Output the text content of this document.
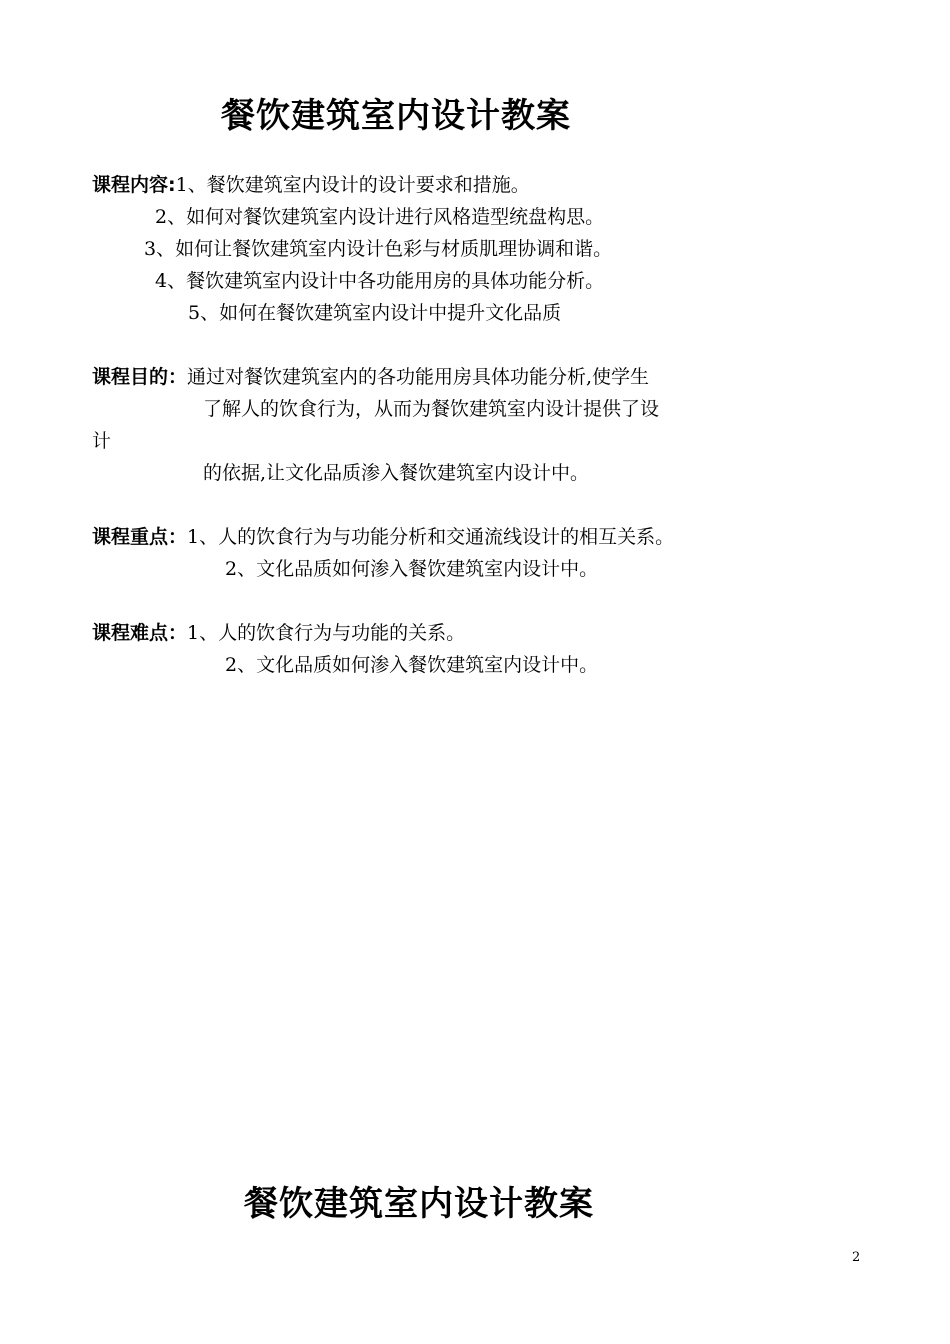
餐饮建筑室内设计教案
课程内容:1、餐饮建筑室内设计的设计要求和措施。
2、如何对餐饮建筑室内设计进行风格造型统盘构思。
3、如何让餐饮建筑室内设计色彩与材质肌理协调和谐。
4、餐饮建筑室内设计中各功能用房的具体功能分析。
5、如何在餐饮建筑室内设计中提升文化品质
课程目的：通过对餐饮建筑室内的各功能用房具体功能分析,使学生
了解人的饮食行为，从而为餐饮建筑室内设计提供了设
计
的依据,让文化品质渗入餐饮建筑室内设计中。
课程重点：1、人的饮食行为与功能分析和交通流线设计的相互关系。
2、文化品质如何渗入餐饮建筑室内设计中。
课程难点：1、人的饮食行为与功能的关系。
2、文化品质如何渗入餐饮建筑室内设计中。
餐饮建筑室内设计教案
2
